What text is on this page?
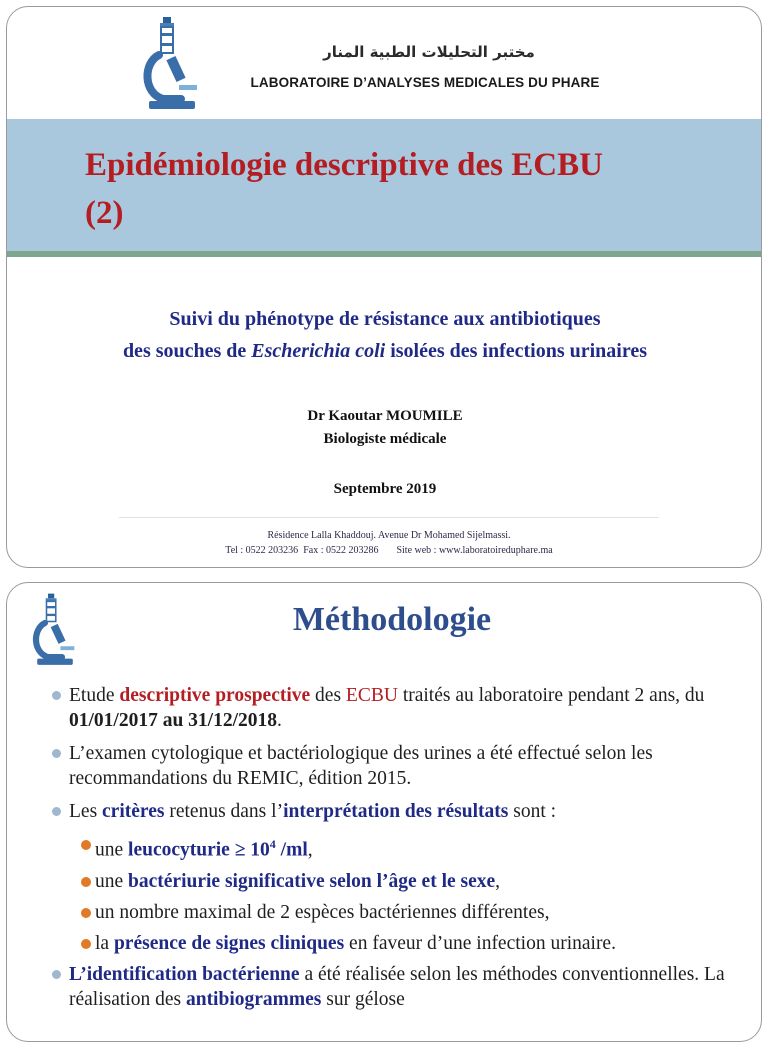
مختبر التحليلات الطبية المنار
LABORATOIRE D’ANALYSES MEDICALES DU PHARE
Epidémiologie descriptive des ECBU
(2)
Suivi du phénotype de résistance aux antibiotiques
des souches de Escherichia coli isolées des infections urinaires
Dr Kaoutar MOUMILE
Biologiste médicale
Septembre 2019
Résidence Lalla Khaddouj. Avenue Dr Mohamed Sijelmassi.
Tel : 0522 203236 Fax : 0522 203286 Site web : www.laboratoireduphare.ma
Méthodologie
Etude descriptive prospective des ECBU traités au laboratoire pendant 2 ans, du 01/01/2017 au 31/12/2018.
L’examen cytologique et bactériologique des urines a été effectué selon les recommandations du REMIC, édition 2015.
Les critères retenus dans l’interprétation des résultats sont :
une leucocyturie ≥ $10^4$ /ml,
une bactériurie significative selon l’âge et le sexe,
un nombre maximal de 2 espèces bactériennes différentes,
la présence de signes cliniques en faveur d’une infection urinaire.
L’identification bactérienne a été réalisée selon les méthodes conventionnelles. La réalisation des antibiogrammes sur gélose
